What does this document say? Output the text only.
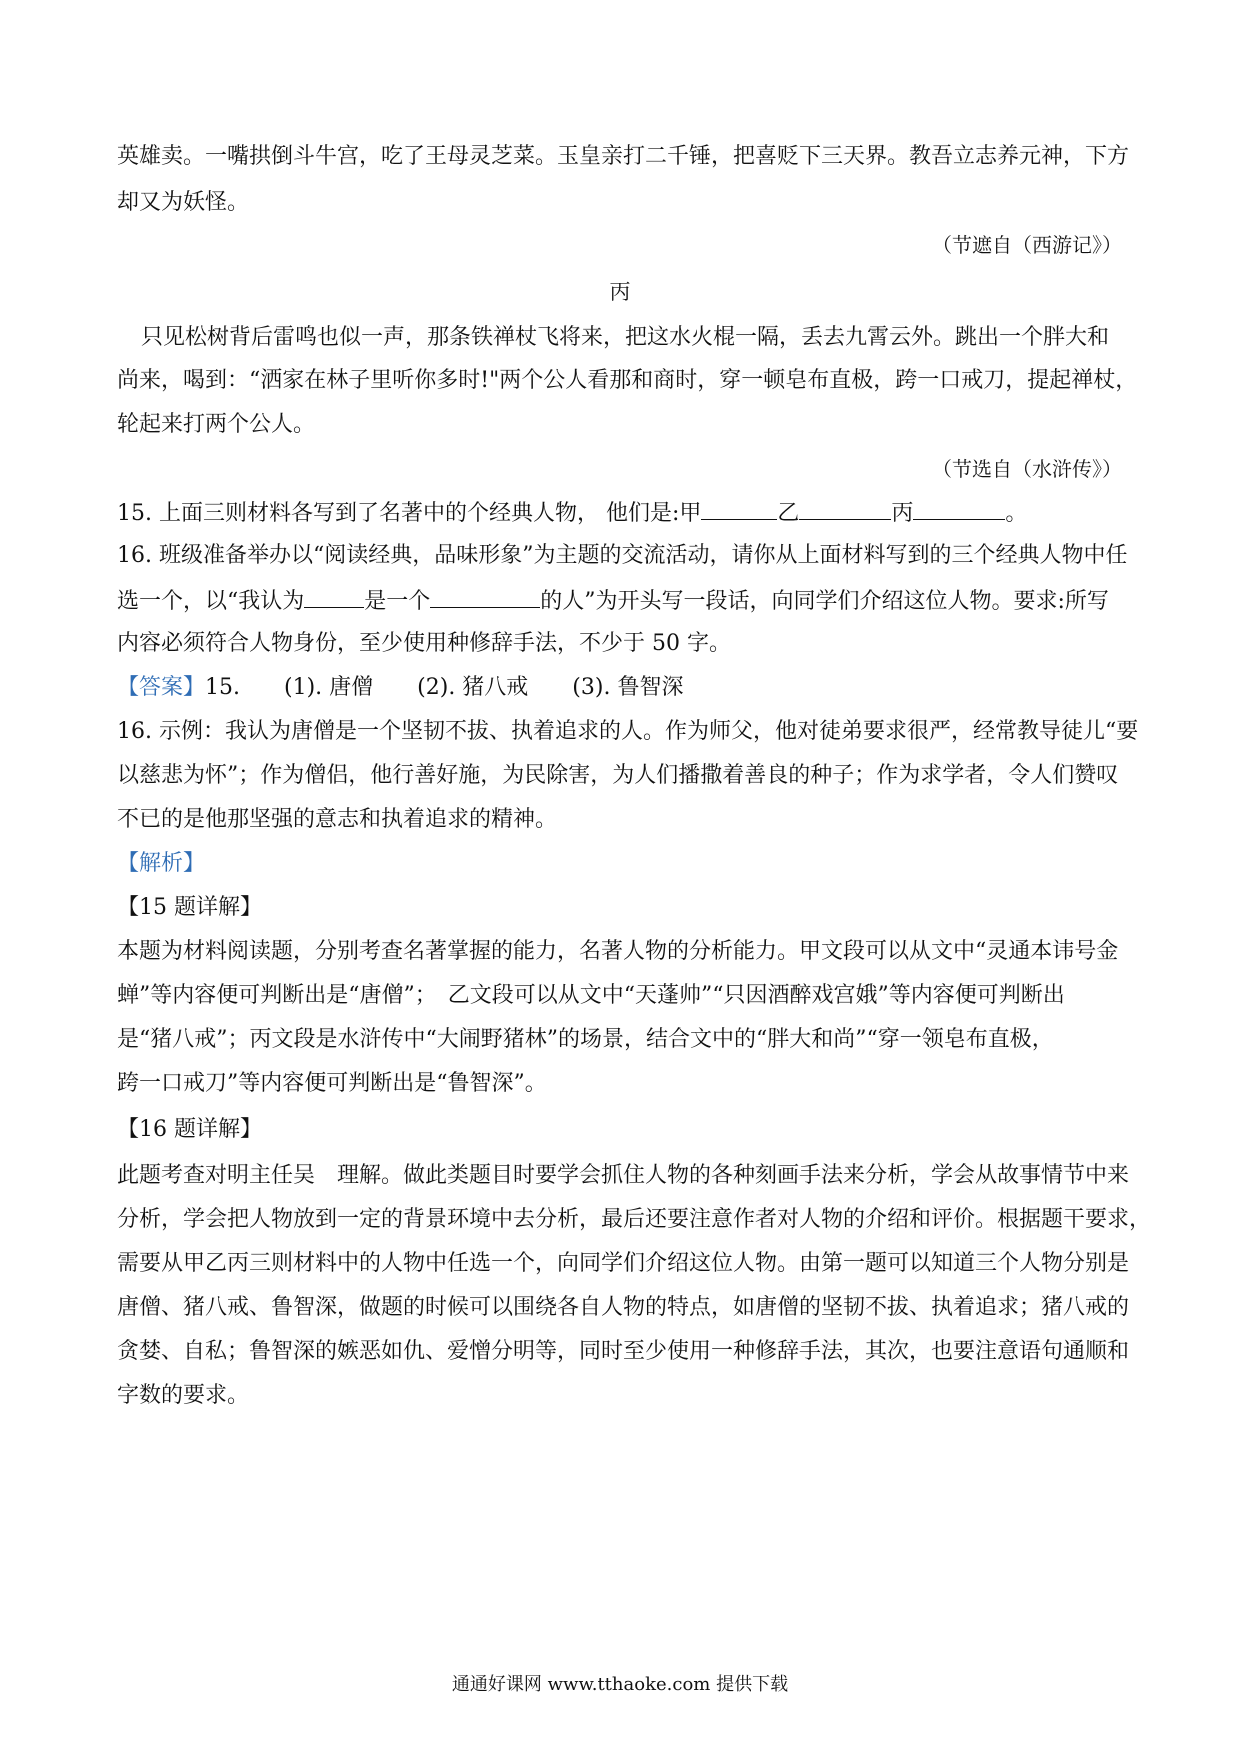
英雄卖。一嘴拱倒斗牛宫，吃了王母灵芝菜。玉皇亲打二千锤，把喜贬下三天界。教吾立志养元神，下方
却又为妖怪。
（节遮自（西游记》）
丙
只见松树背后雷鸣也似一声，那条铁禅杖飞将来，把这水火棍一隔，丢去九霄云外。跳出一个胖大和
尚来，喝到：“洒家在林子里听你多时!"两个公人看那和商时，穿一顿皂布直极，跨一口戒刀，提起禅杖，
轮起来打两个公人。
（节选自（水浒传》）
15. 上面三则材料各写到了名著中的个经典人物， 他们是:甲	乙	丙	。
16. 班级准备举办以“阅读经典，品味形象”为主题的交流活动，请你从上面材料写到的三个经典人物中任
选一个，以“我认为	是一个	的人”为开头写一段话，向同学们介绍这位人物。要求:所写
内容必须符合人物身份，至少使用种修辞手法，不少于 50 字。
【答案】15.　　(1). 唐僧　　(2). 猪八戒　　(3). 鲁智深
16. 示例：我认为唐僧是一个坚韧不拔、执着追求的人。作为师父，他对徒弟要求很严，经常教导徒儿“要
以慈悲为怀”；作为僧侣，他行善好施，为民除害，为人们播撒着善良的种子；作为求学者，令人们赞叹
不已的是他那坚强的意志和执着追求的精神。
【解析】
【15 题详解】
本题为材料阅读题，分别考查名著掌握的能力，名著人物的分析能力。甲文段可以从文中“灵通本讳号金
蝉”等内容便可判断出是“唐僧”；　乙文段可以从文中“天蓬帅”“只因酒醉戏宫娥”等内容便可判断出
是“猪八戒”；丙文段是水浒传中“大闹野猪林”的场景，结合文中的“胖大和尚”“穿一领皂布直极，
跨一口戒刀”等内容便可判断出是“鲁智深”。
【16 题详解】
此题考查对明主任吴　理解。做此类题目时要学会抓住人物的各种刻画手法来分析，学会从故事情节中来
分析，学会把人物放到一定的背景环境中去分析，最后还要注意作者对人物的介绍和评价。根据题干要求，
需要从甲乙丙三则材料中的人物中任选一个，向同学们介绍这位人物。由第一题可以知道三个人物分别是
唐僧、猪八戒、鲁智深，做题的时候可以围绕各自人物的特点，如唐僧的坚韧不拔、执着追求；猪八戒的
贪婪、自私；鲁智深的嫉恶如仇、爱憎分明等，同时至少使用一种修辞手法，其次，也要注意语句通顺和
字数的要求。
通通好课网 www.tthaoke.com 提供下载
